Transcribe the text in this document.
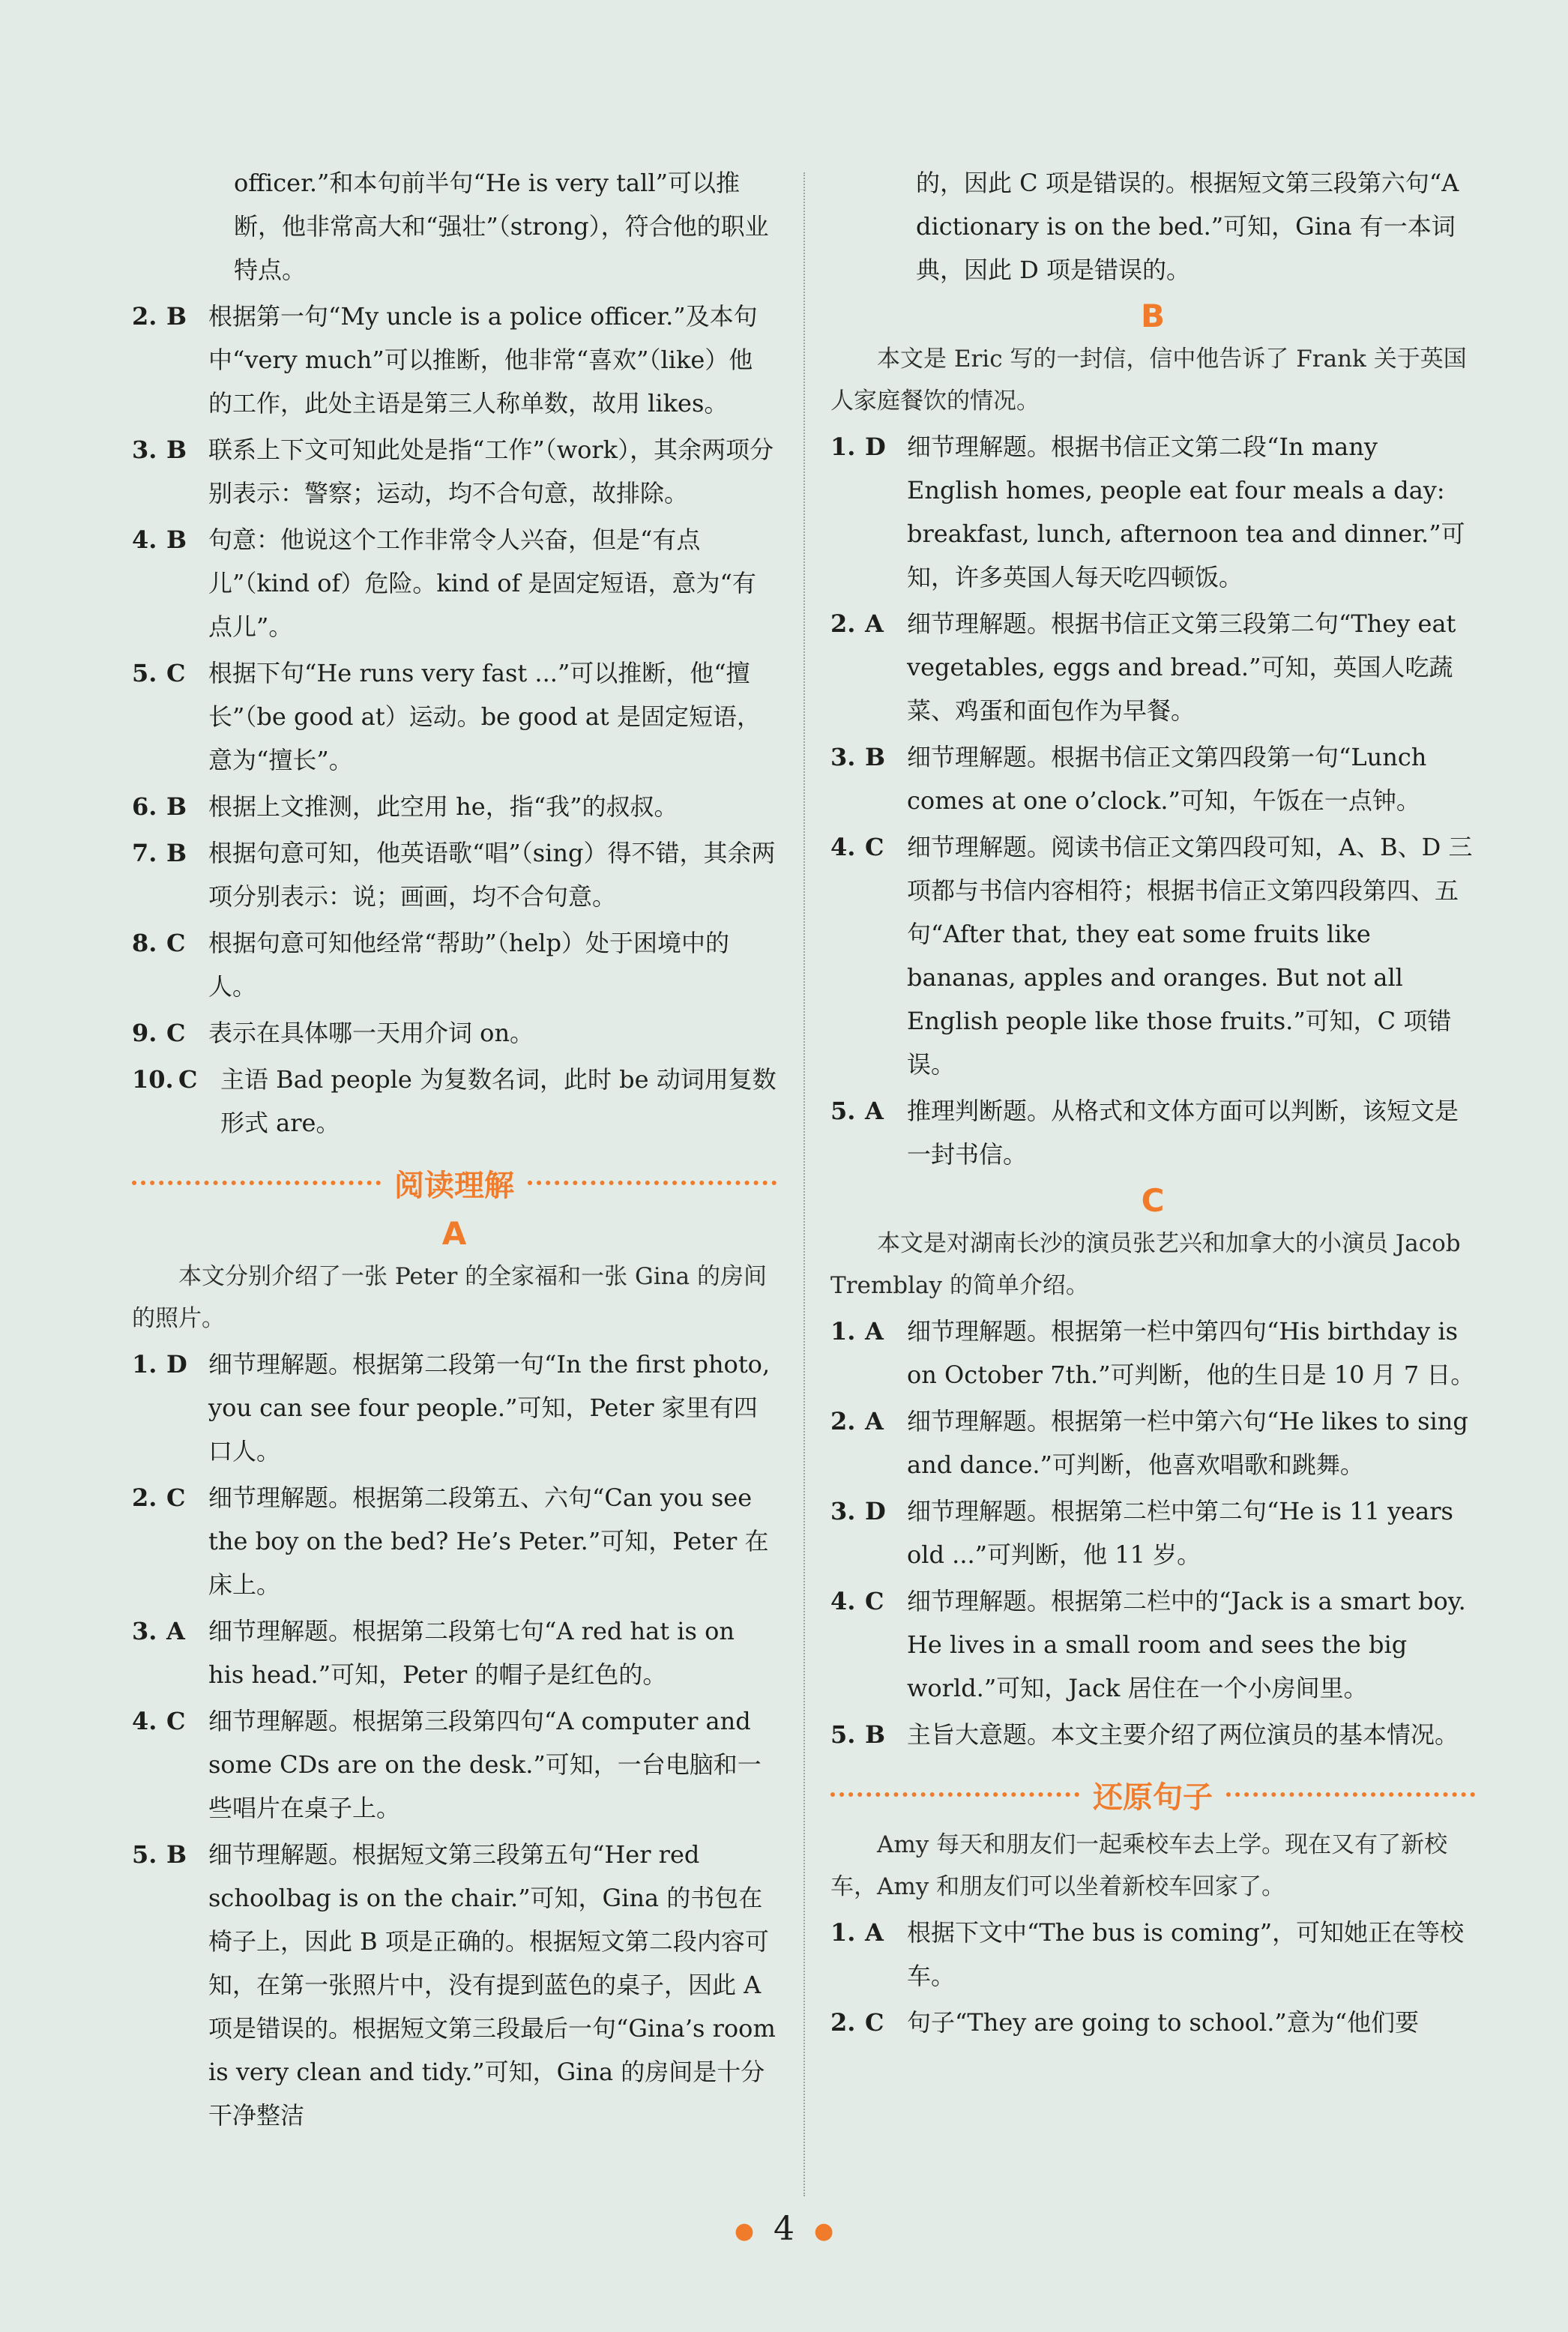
officer.”和本句前半句“He is very tall”可以推断，他非常高大和“强壮”（strong），符合他的职业特点。

2. B 根据第一句“My uncle is a police officer.”及本句中“very much”可以推断，他非常“喜欢”（like）他的工作，此处主语是第三人称单数，故用 likes。
3. B 联系上下文可知此处是指“工作”（work），其余两项分别表示：警察；运动，均不合句意，故排除。
4. B 句意：他说这个工作非常令人兴奋，但是“有点儿”（kind of）危险。kind of 是固定短语，意为“有点儿”。
5. C 根据下句“He runs very fast ...”可以推断，他“擅长”（be good at）运动。be good at 是固定短语，意为“擅长”。
6. B 根据上文推测，此空用 he，指“我”的叔叔。
7. B 根据句意可知，他英语歌“唱”（sing）得不错，其余两项分别表示：说；画画，均不合句意。
8. C 根据句意可知他经常“帮助”（help）处于困境中的人。
9. C 表示在具体哪一天用介词 on。
10. C 主语 Bad people 为复数名词，此时 be 动词用复数形式 are。
阅读理解

A

本文分别介绍了一张 Peter 的全家福和一张 Gina 的房间的照片。

1. D 细节理解题。根据第二段第一句“In the first photo, you can see four people.”可知，Peter 家里有四口人。
2. C 细节理解题。根据第二段第五、六句“Can you see the boy on the bed? He’s Peter.”可知，Peter 在床上。
3. A 细节理解题。根据第二段第七句“A red hat is on his head.”可知，Peter 的帽子是红色的。
4. C 细节理解题。根据第三段第四句“A computer and some CDs are on the desk.”可知，一台电脑和一些唱片在桌子上。
5. B 细节理解题。根据短文第三段第五句“Her red schoolbag is on the chair.”可知，Gina 的书包在椅子上，因此 B 项是正确的。根据短文第二段内容可知，在第一张照片中，没有提到蓝色的桌子，因此 A 项是错误的。根据短文第三段最后一句“Gina’s room is very clean and tidy.”可知，Gina 的房间是十分干净整洁

的，因此 C 项是错误的。根据短文第三段第六句“A dictionary is on the bed.”可知，Gina 有一本词典，因此 D 项是错误的。

B

本文是 Eric 写的一封信，信中他告诉了 Frank 关于英国人家庭餐饮的情况。

1. D 细节理解题。根据书信正文第二段“In many English homes, people eat four meals a day: breakfast, lunch, afternoon tea and dinner.”可知，许多英国人每天吃四顿饭。
2. A 细节理解题。根据书信正文第三段第二句“They eat vegetables, eggs and bread.”可知，英国人吃蔬菜、鸡蛋和面包作为早餐。
3. B 细节理解题。根据书信正文第四段第一句“Lunch comes at one o’clock.”可知，午饭在一点钟。
4. C 细节理解题。阅读书信正文第四段可知，A、B、D 三项都与书信内容相符；根据书信正文第四段第四、五句“After that, they eat some fruits like bananas, apples and oranges. But not all English people like those fruits.”可知，C 项错误。
5. A 推理判断题。从格式和文体方面可以判断，该短文是一封书信。

C

本文是对湖南长沙的演员张艺兴和加拿大的小演员 Jacob Tremblay 的简单介绍。

1. A 细节理解题。根据第一栏中第四句“His birthday is on October 7th.”可判断，他的生日是 10 月 7 日。
2. A 细节理解题。根据第一栏中第六句“He likes to sing and dance.”可判断，他喜欢唱歌和跳舞。
3. D 细节理解题。根据第二栏中第二句“He is 11 years old ...”可判断，他 11 岁。
4. C 细节理解题。根据第二栏中的“Jack is a smart boy. He lives in a small room and sees the big world.”可知，Jack 居住在一个小房间里。
5. B 主旨大意题。本文主要介绍了两位演员的基本情况。
还原句子

Amy 每天和朋友们一起乘校车去上学。现在又有了新校车，Amy 和朋友们可以坐着新校车回家了。

1. A 根据下文中“The bus is coming”，可知她正在等校车。
2. C 句子“They are going to school.”意为“他们要
● 4 ●
